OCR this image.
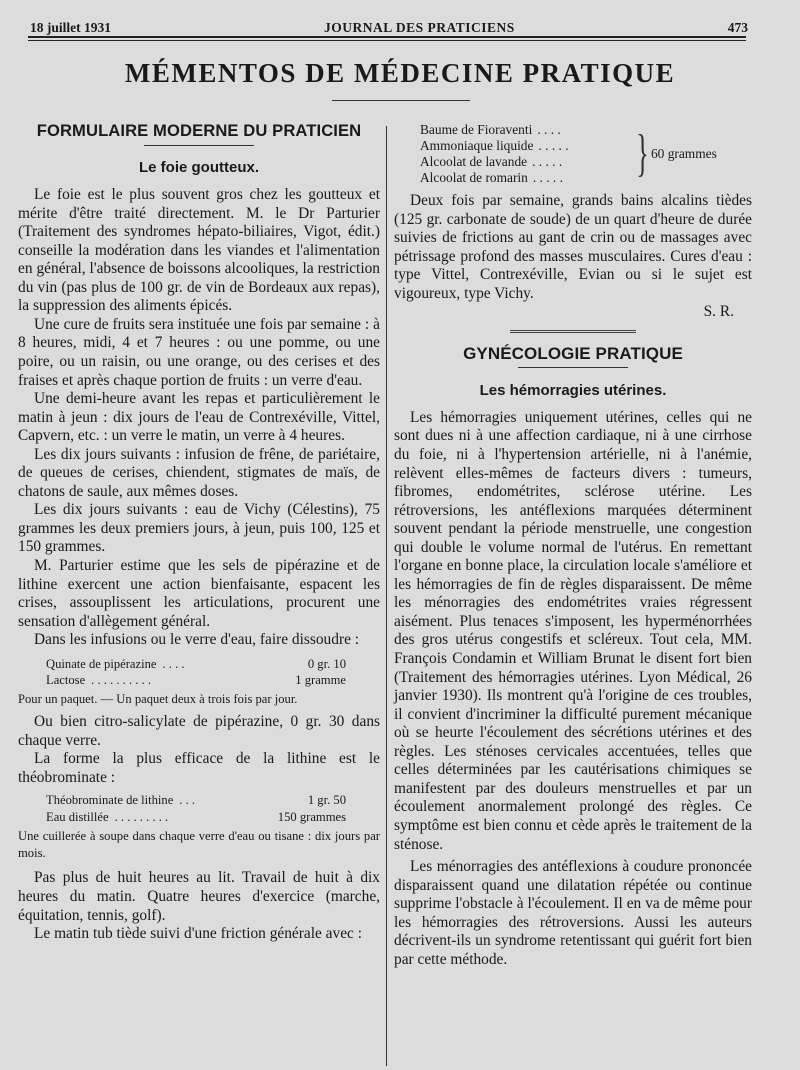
18 juillet 1931	JOURNAL DES PRATICIENS	473
MÉMENTOS DE MÉDECINE PRATIQUE
FORMULAIRE MODERNE DU PRATICIEN
Le foie goutteux.

Le foie est le plus souvent gros chez les goutteux et mérite d'être traité directement. M. le Dr Parturier (Traitement des syndromes hépato-biliaires, Vigot, édit.) conseille la modération dans les viandes et l'alimentation en général, l'absence de boissons alcooliques, la restriction du vin (pas plus de 100 gr. de vin de Bordeaux aux repas), la suppression des aliments épicés.

Une cure de fruits sera instituée une fois par semaine : à 8 heures, midi, 4 et 7 heures : ou une pomme, ou une poire, ou un raisin, ou une orange, ou des cerises et des fraises et après chaque portion de fruits : un verre d'eau.

Une demi-heure avant les repas et particulièrement le matin à jeun : dix jours de l'eau de Contrexéville, Vittel, Capvern, etc. : un verre le matin, un verre à 4 heures.

Les dix jours suivants : infusion de frêne, de pariétaire, de queues de cerises, chiendent, stigmates de maïs, de chatons de saule, aux mêmes doses.

Les dix jours suivants : eau de Vichy (Célestins), 75 grammes les deux premiers jours, à jeun, puis 100, 125 et 150 grammes.

M. Parturier estime que les sels de pipérazine et de lithine exercent une action bienfaisante, espacent les crises, assouplissent les articulations, procurent une sensation d'allègement général.

Dans les infusions ou le verre d'eau, faire dissoudre :

Quinate de pipérazine . . . .	0 gr. 10
Lactose . . . . . . . . . .	1 gramme
Pour un paquet. — Un paquet deux à trois fois par jour.

Ou bien citro-salicylate de pipérazine, 0 gr. 30 dans chaque verre.

La forme la plus efficace de la lithine est le théobrominate :

Théobrominate de lithine . . .	1 gr. 50
Eau distillée . . . . . . . . .	150 grammes
Une cuillerée à soupe dans chaque verre d'eau ou tisane : dix jours par mois.

Pas plus de huit heures au lit. Travail de huit à dix heures du matin. Quatre heures d'exercice (marche, équitation, tennis, golf).

Le matin tub tiède suivi d'une friction générale avec :

Baume de Fioraventi . . . .
Ammoniaque liquide . . . . .
Alcoolat de lavande . . . . .
Alcoolat de romarin . . . . . } 60 grammes

Deux fois par semaine, grands bains alcalins tièdes (125 gr. carbonate de soude) de un quart d'heure de durée suivies de frictions au gant de crin ou de massages avec pétrissage profond des masses musculaires. Cures d'eau : type Vittel, Contrexéville, Evian ou si le sujet est vigoureux, type Vichy.

S. R.
GYNÉCOLOGIE PRATIQUE
Les hémorragies utérines.

Les hémorragies uniquement utérines, celles qui ne sont dues ni à une affection cardiaque, ni à une cirrhose du foie, ni à l'hypertension artérielle, ni à l'anémie, relèvent elles-mêmes de facteurs divers : tumeurs, fibromes, endométrites, sclérose utérine. Les rétroversions, les antéflexions marquées déterminent souvent pendant la période menstruelle, une congestion qui double le volume normal de l'utérus. En remettant l'organe en bonne place, la circulation locale s'améliore et les hémorragies de fin de règles disparaissent. De même les ménorragies des endométrites vraies régressent aisément. Plus tenaces s'imposent, les hyperménorrhées des gros utérus congestifs et scléreux. Tout cela, MM. François Condamin et William Brunat le disent fort bien (Traitement des hémorragies utérines. Lyon Médical, 26 janvier 1930). Ils montrent qu'à l'origine de ces troubles, il convient d'incriminer la difficulté purement mécanique où se heurte l'écoulement des sécrétions utérines et des règles. Les sténoses cervicales accentuées, telles que celles déterminées par les cautérisations chimiques se manifestent par des douleurs menstruelles et par un écoulement anormalement prolongé des règles. Ce symptôme est bien connu et cède après le traitement de la sténose.

Les ménorragies des antéflexions à coudure prononcée disparaissent quand une dilatation répétée ou continue supprime l'obstacle à l'écoulement. Il en va de même pour les hémorragies des rétroversions. Aussi les auteurs décrivent-ils un syndrome retentissant qui guérit fort bien par cette méthode.
